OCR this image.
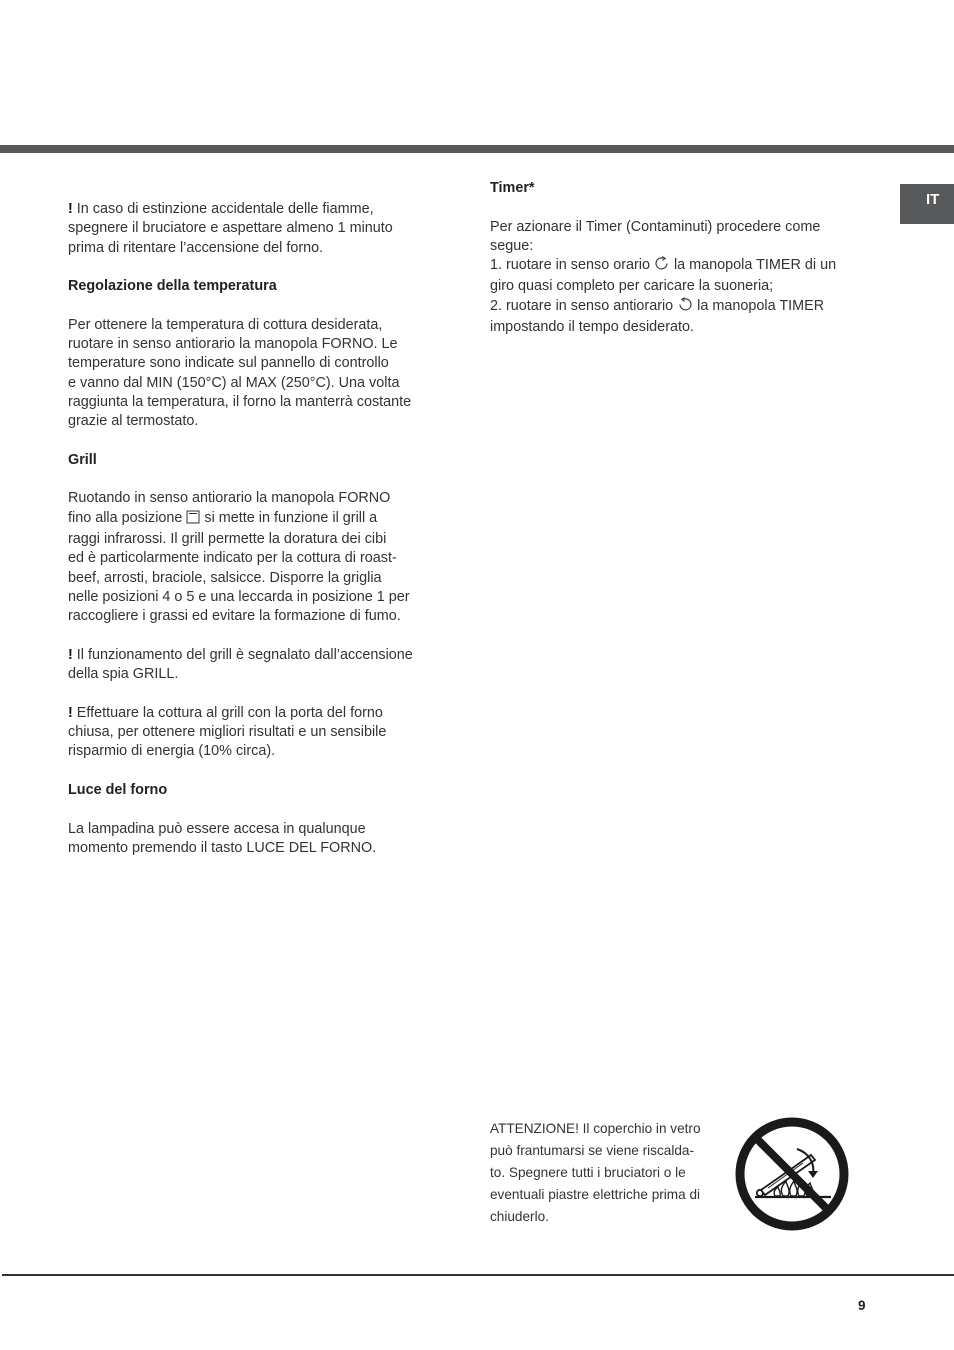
IT

! In caso di estinzione accidentale delle fiamme,
spegnere il bruciatore e aspettare almeno 1 minuto
prima di ritentare l’accensione del forno.

Regolazione della temperatura

Per ottenere la temperatura di cottura desiderata,
ruotare in senso antiorario la manopola FORNO. Le
temperature sono indicate sul pannello di controllo
e vanno dal MIN (150°C) al MAX (250°C). Una volta
raggiunta la temperatura, il forno la manterrà costante
grazie al termostato.

Grill

Ruotando in senso antiorario la manopola FORNO
fino alla posizione  si mette in funzione il grill a
raggi infrarossi. Il grill permette la doratura dei cibi
ed è particolarmente indicato per la cottura di roast-
beef, arrosti, braciole, salsicce. Disporre la griglia
nelle posizioni 4 o 5 e una leccarda in posizione 1 per
raccogliere i grassi ed evitare la formazione di fumo.

! Il funzionamento del grill è segnalato dall’accensione
della spia GRILL.

! Effettuare la cottura al grill con la porta del forno
chiusa, per ottenere migliori risultati e un sensibile
risparmio di energia (10% circa).

Luce del forno

La lampadina può essere accesa in qualunque
momento premendo il tasto LUCE DEL FORNO.

Timer*

Per azionare il Timer (Contaminuti) procedere come
segue:
1. ruotare in senso orario  la manopola TIMER di un
giro quasi completo per caricare la suoneria;
2. ruotare in senso antiorario  la manopola TIMER
impostando il tempo desiderato.

ATTENZIONE! Il coperchio in vetro
può frantumarsi se viene riscalda-
to. Spegnere tutti i bruciatori o le
eventuali piastre elettriche prima di
chiuderlo.
9
